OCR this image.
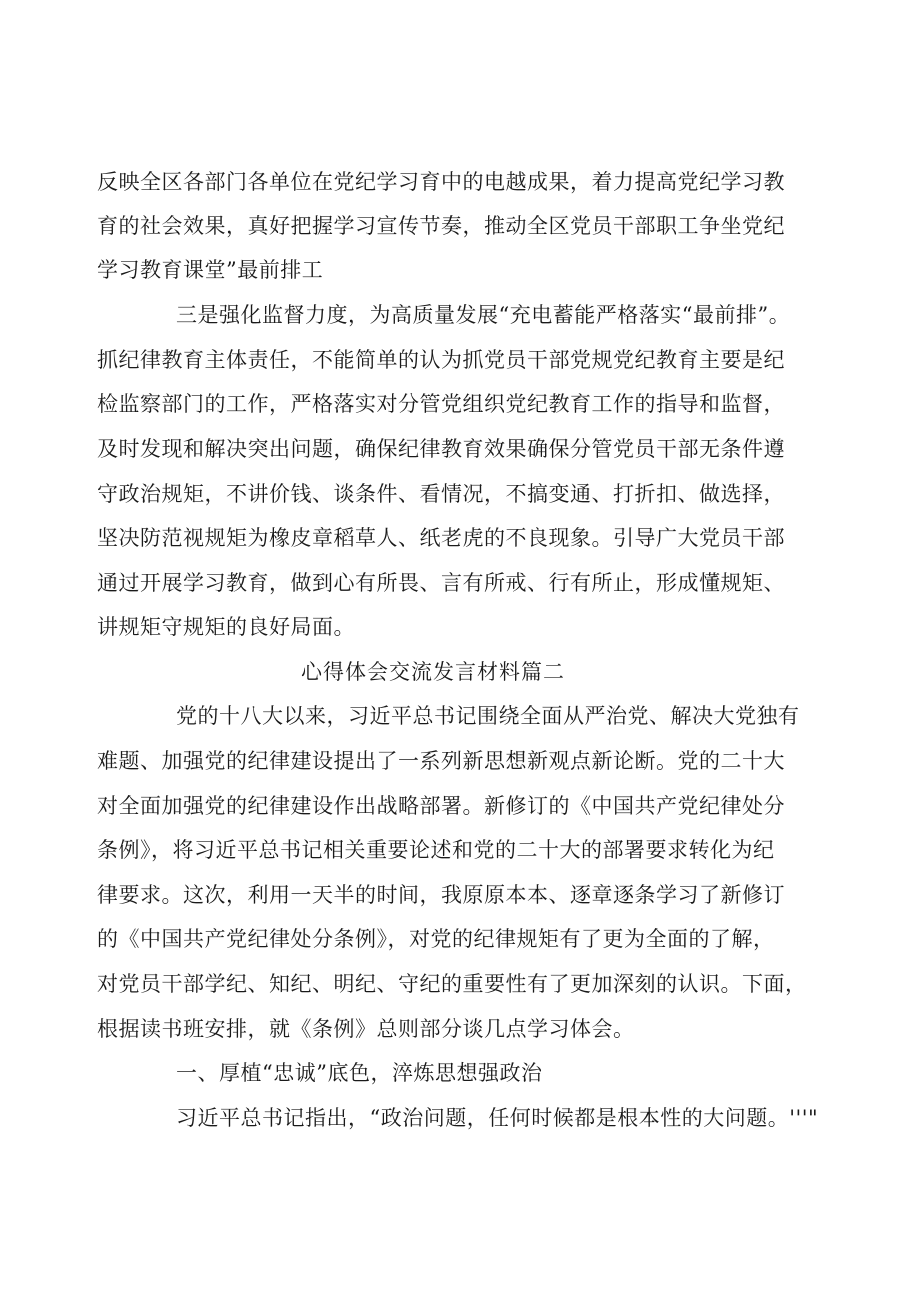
反映全区各部门各单位在党纪学习育中的电越成果，着力提高党纪学习教
育的社会效果，真好把握学习宣传节奏，推动全区党员干部职工争坐党纪
学习教育课堂”最前排工
三是强化监督力度，为高质量发展“充电蓄能严格落实“最前排”。
抓纪律教育主体责任，不能简单的认为抓党员干部党规党纪教育主要是纪
检监察部门的工作，严格落实对分管党组织党纪教育工作的指导和监督，
及时发现和解决突出问题，确保纪律教育效果确保分管党员干部无条件遵
守政治规矩，不讲价钱、谈条件、看情况，不搞变通、打折扣、做选择，
坚决防范视规矩为橡皮章稻草人、纸老虎的不良现象。引导广大党员干部
通过开展学习教育，做到心有所畏、言有所戒、行有所止，形成懂规矩、
讲规矩守规矩的良好局面。
心得体会交流发言材料篇二
党的十八大以来，习近平总书记围绕全面从严治党、解决大党独有
难题、加强党的纪律建设提出了一系列新思想新观点新论断。党的二十大
对全面加强党的纪律建设作出战略部署。新修订的《中国共产党纪律处分
条例》，将习近平总书记相关重要论述和党的二十大的部署要求转化为纪
律要求。这次，利用一天半的时间，我原原本本、逐章逐条学习了新修订
的《中国共产党纪律处分条例》，对党的纪律规矩有了更为全面的了解，
对党员干部学纪、知纪、明纪、守纪的重要性有了更加深刻的认识。下面，
根据读书班安排，就《条例》总则部分谈几点学习体会。
一、厚植“忠诚”底色，淬炼思想强政治
习近平总书记指出，“政治问题，任何时候都是根本性的大问题。'''"
